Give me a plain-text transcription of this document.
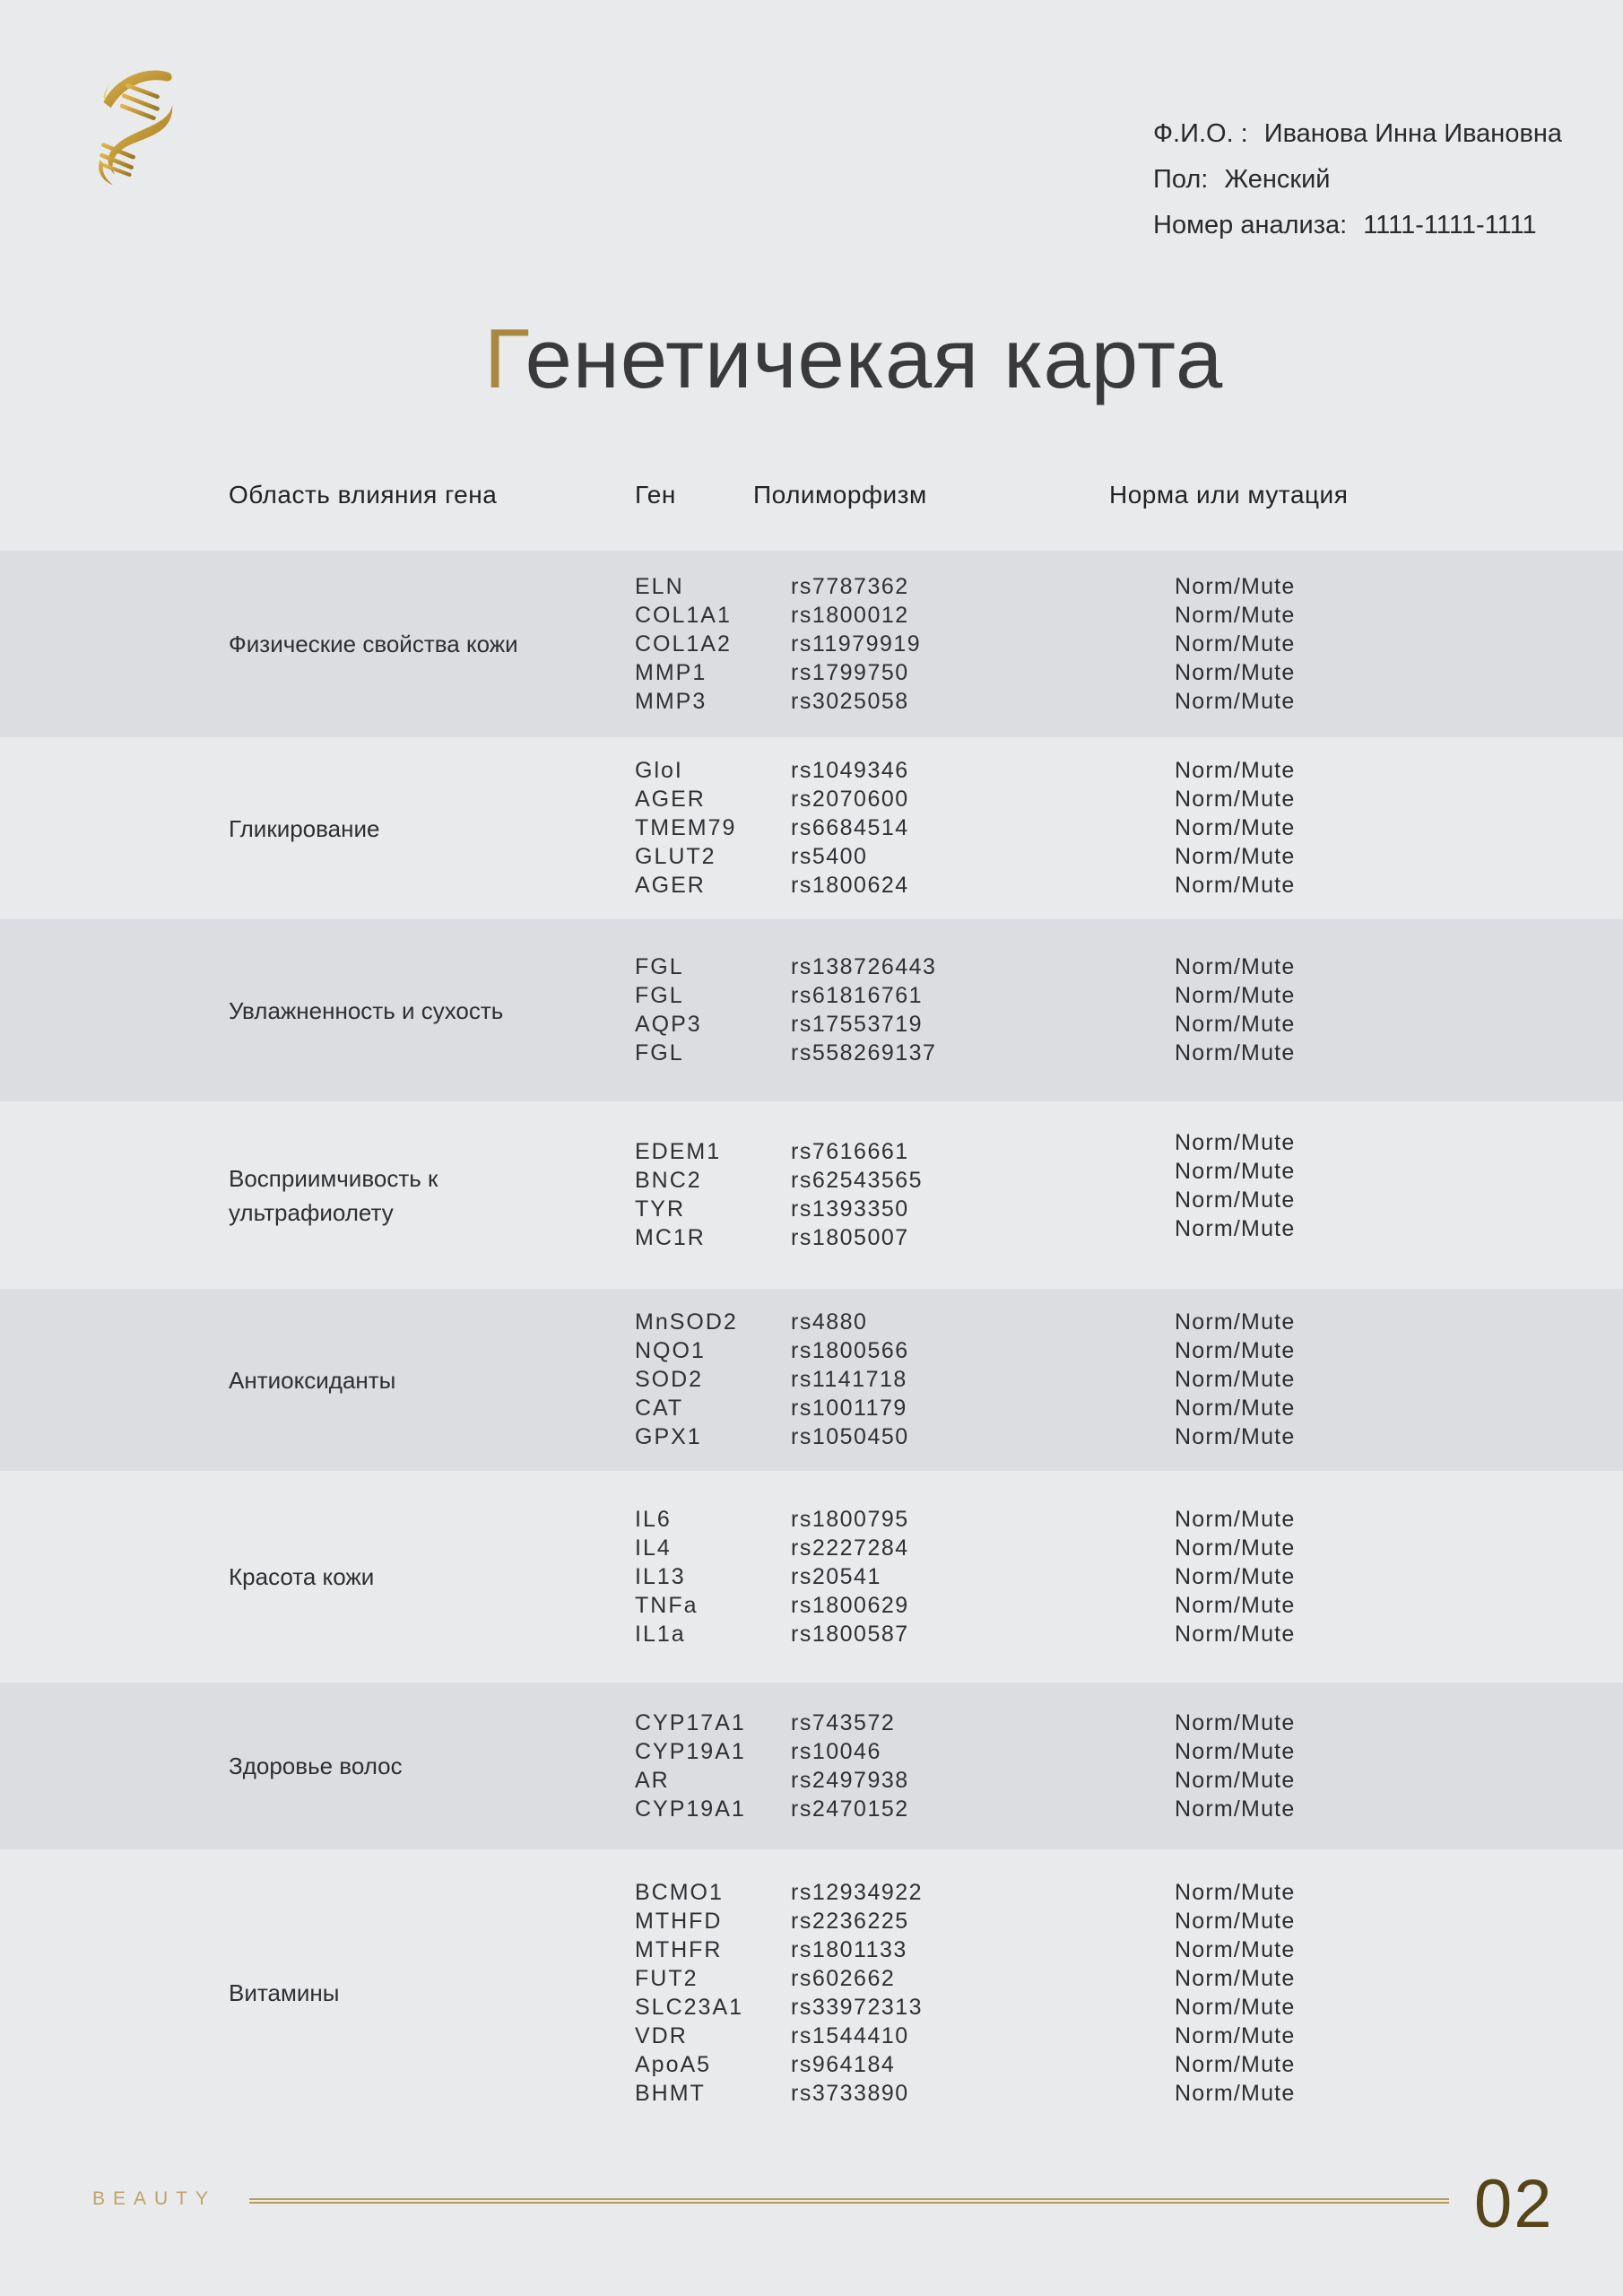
Ф.И.О. : Иванова Инна Ивановна
Пол: Женский
Номер анализа: 1111-1111-1111
Генетичекая карта
Область влияния гена	Ген	Полиморфизм	Норма или мутация
Физические свойства кожи
ELN	rs7787362	Norm/Mute
COL1A1	rs1800012	Norm/Mute
COL1A2	rs11979919	Norm/Mute
MMP1	rs1799750	Norm/Mute
MMP3	rs3025058	Norm/Mute
Гликирование
GloI	rs1049346	Norm/Mute
AGER	rs2070600	Norm/Mute
TMEM79	rs6684514	Norm/Mute
GLUT2	rs5400	Norm/Mute
AGER	rs1800624	Norm/Mute
Увлажненность и сухость
FGL	rs138726443	Norm/Mute
FGL	rs61816761	Norm/Mute
AQP3	rs17553719	Norm/Mute
FGL	rs558269137	Norm/Mute
Восприимчивость к ультрафиолету
EDEM1	rs7616661	Norm/Mute
BNC2	rs62543565	Norm/Mute
TYR	rs1393350	Norm/Mute
MC1R	rs1805007	Norm/Mute
Антиоксиданты
MnSOD2	rs4880	Norm/Mute
NQO1	rs1800566	Norm/Mute
SOD2	rs1141718	Norm/Mute
CAT	rs1001179	Norm/Mute
GPX1	rs1050450	Norm/Mute
Красота кожи
IL6	rs1800795	Norm/Mute
IL4	rs2227284	Norm/Mute
IL13	rs20541	Norm/Mute
TNFa	rs1800629	Norm/Mute
IL1a	rs1800587	Norm/Mute
Здоровье волос
CYP17A1	rs743572	Norm/Mute
CYP19A1	rs10046	Norm/Mute
AR	rs2497938	Norm/Mute
CYP19A1	rs2470152	Norm/Mute
Витамины
BCMO1	rs12934922	Norm/Mute
MTHFD	rs2236225	Norm/Mute
MTHFR	rs1801133	Norm/Mute
FUT2	rs602662	Norm/Mute
SLC23A1	rs33972313	Norm/Mute
VDR	rs1544410	Norm/Mute
ApoA5	rs964184	Norm/Mute
BHMT	rs3733890	Norm/Mute
BEAUTY	02
